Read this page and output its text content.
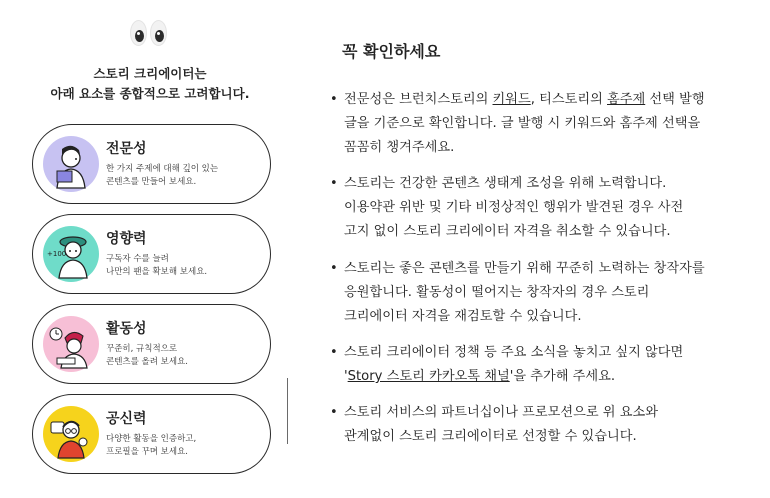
스토리 크리에이터는
아래 요소를 종합적으로 고려합니다.
전문성
한 가지 주제에 대해 깊이 있는
콘텐츠를 만들어 보세요.
+100
영향력
구독자 수를 늘려
나만의 팬을 확보해 보세요.
활동성
꾸준히, 규칙적으로
콘텐츠를 올려 보세요.
공신력
다양한 활동을 인증하고,
프로필을 꾸며 보세요.
꼭 확인하세요
• 전문성은 브런치스토리의 키워드, 티스토리의 홈주제 선택 발행
글을 기준으로 확인합니다. 글 발행 시 키워드와 홈주제 선택을
꼼꼼히 챙겨주세요.
• 스토리는 건강한 콘텐츠 생태계 조성을 위해 노력합니다.
이용약관 위반 및 기타 비정상적인 행위가 발견된 경우 사전
고지 없이 스토리 크리에이터 자격을 취소할 수 있습니다.
• 스토리는 좋은 콘텐츠를 만들기 위해 꾸준히 노력하는 창작자를
응원합니다. 활동성이 떨어지는 창작자의 경우 스토리
크리에이터 자격을 재검토할 수 있습니다.
• 스토리 크리에이터 정책 등 주요 소식을 놓치고 싶지 않다면
'Story 스토리 카카오톡 채널'을 추가해 주세요.
• 스토리 서비스의 파트너십이나 프로모션으로 위 요소와
관계없이 스토리 크리에이터로 선정할 수 있습니다.
